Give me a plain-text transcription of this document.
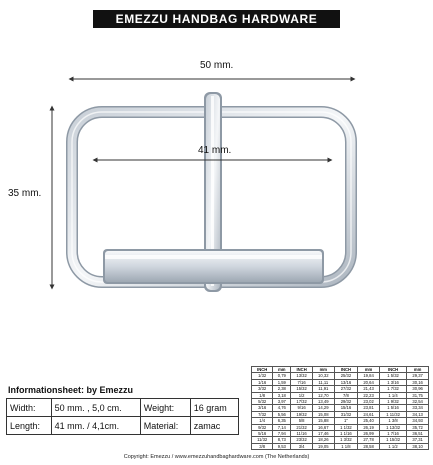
EMEZZU HANDBAG HARDWARE
50 mm.
41 mm.
35 mm.
Informationsheet: by Emezzu
Width:	50 mm. , 5,0 cm.	Weight:	16 gram
Length:	41 mm. / 4,1cm.	Material:	zamac
INCH	mm	INCH	mm	INCH	mm	INCH	mm
1/32	0,79	13/32	10,32	25/32	19,84	1 5/32	29,37
1/16	1,59	7/16	11,11	13/16	20,64	1 3/16	30,16
3/32	2,38	15/32	11,91	27/32	21,43	1 7/32	30,96
1/8	3,18	1/2	12,70	7/8	22,23	1 1/4	31,75
5/32	3,97	17/32	13,49	29/32	23,02	1 9/32	32,54
3/16	4,76	9/16	14,29	15/16	23,81	1 5/16	33,34
7/32	5,56	19/32	15,08	31/32	24,61	1 11/32	34,13
1/4	6,35	5/8	15,88	1"	25,40	1 3/8	34,93
9/32	7,14	21/32	16,67	1 1/32	26,19	1 13/32	35,72
5/16	7,94	11/16	17,46	1 1/16	26,99	1 7/16	36,51
11/32	8,73	23/32	18,26	1 3/32	27,78	1 15/32	37,31
3/8	9,53	3/4	19,05	1 1/8	28,58	1 1/2	38,10
Copyright: Emezzu / www.emezzuhandbaghardware.com (The Netherlands)
